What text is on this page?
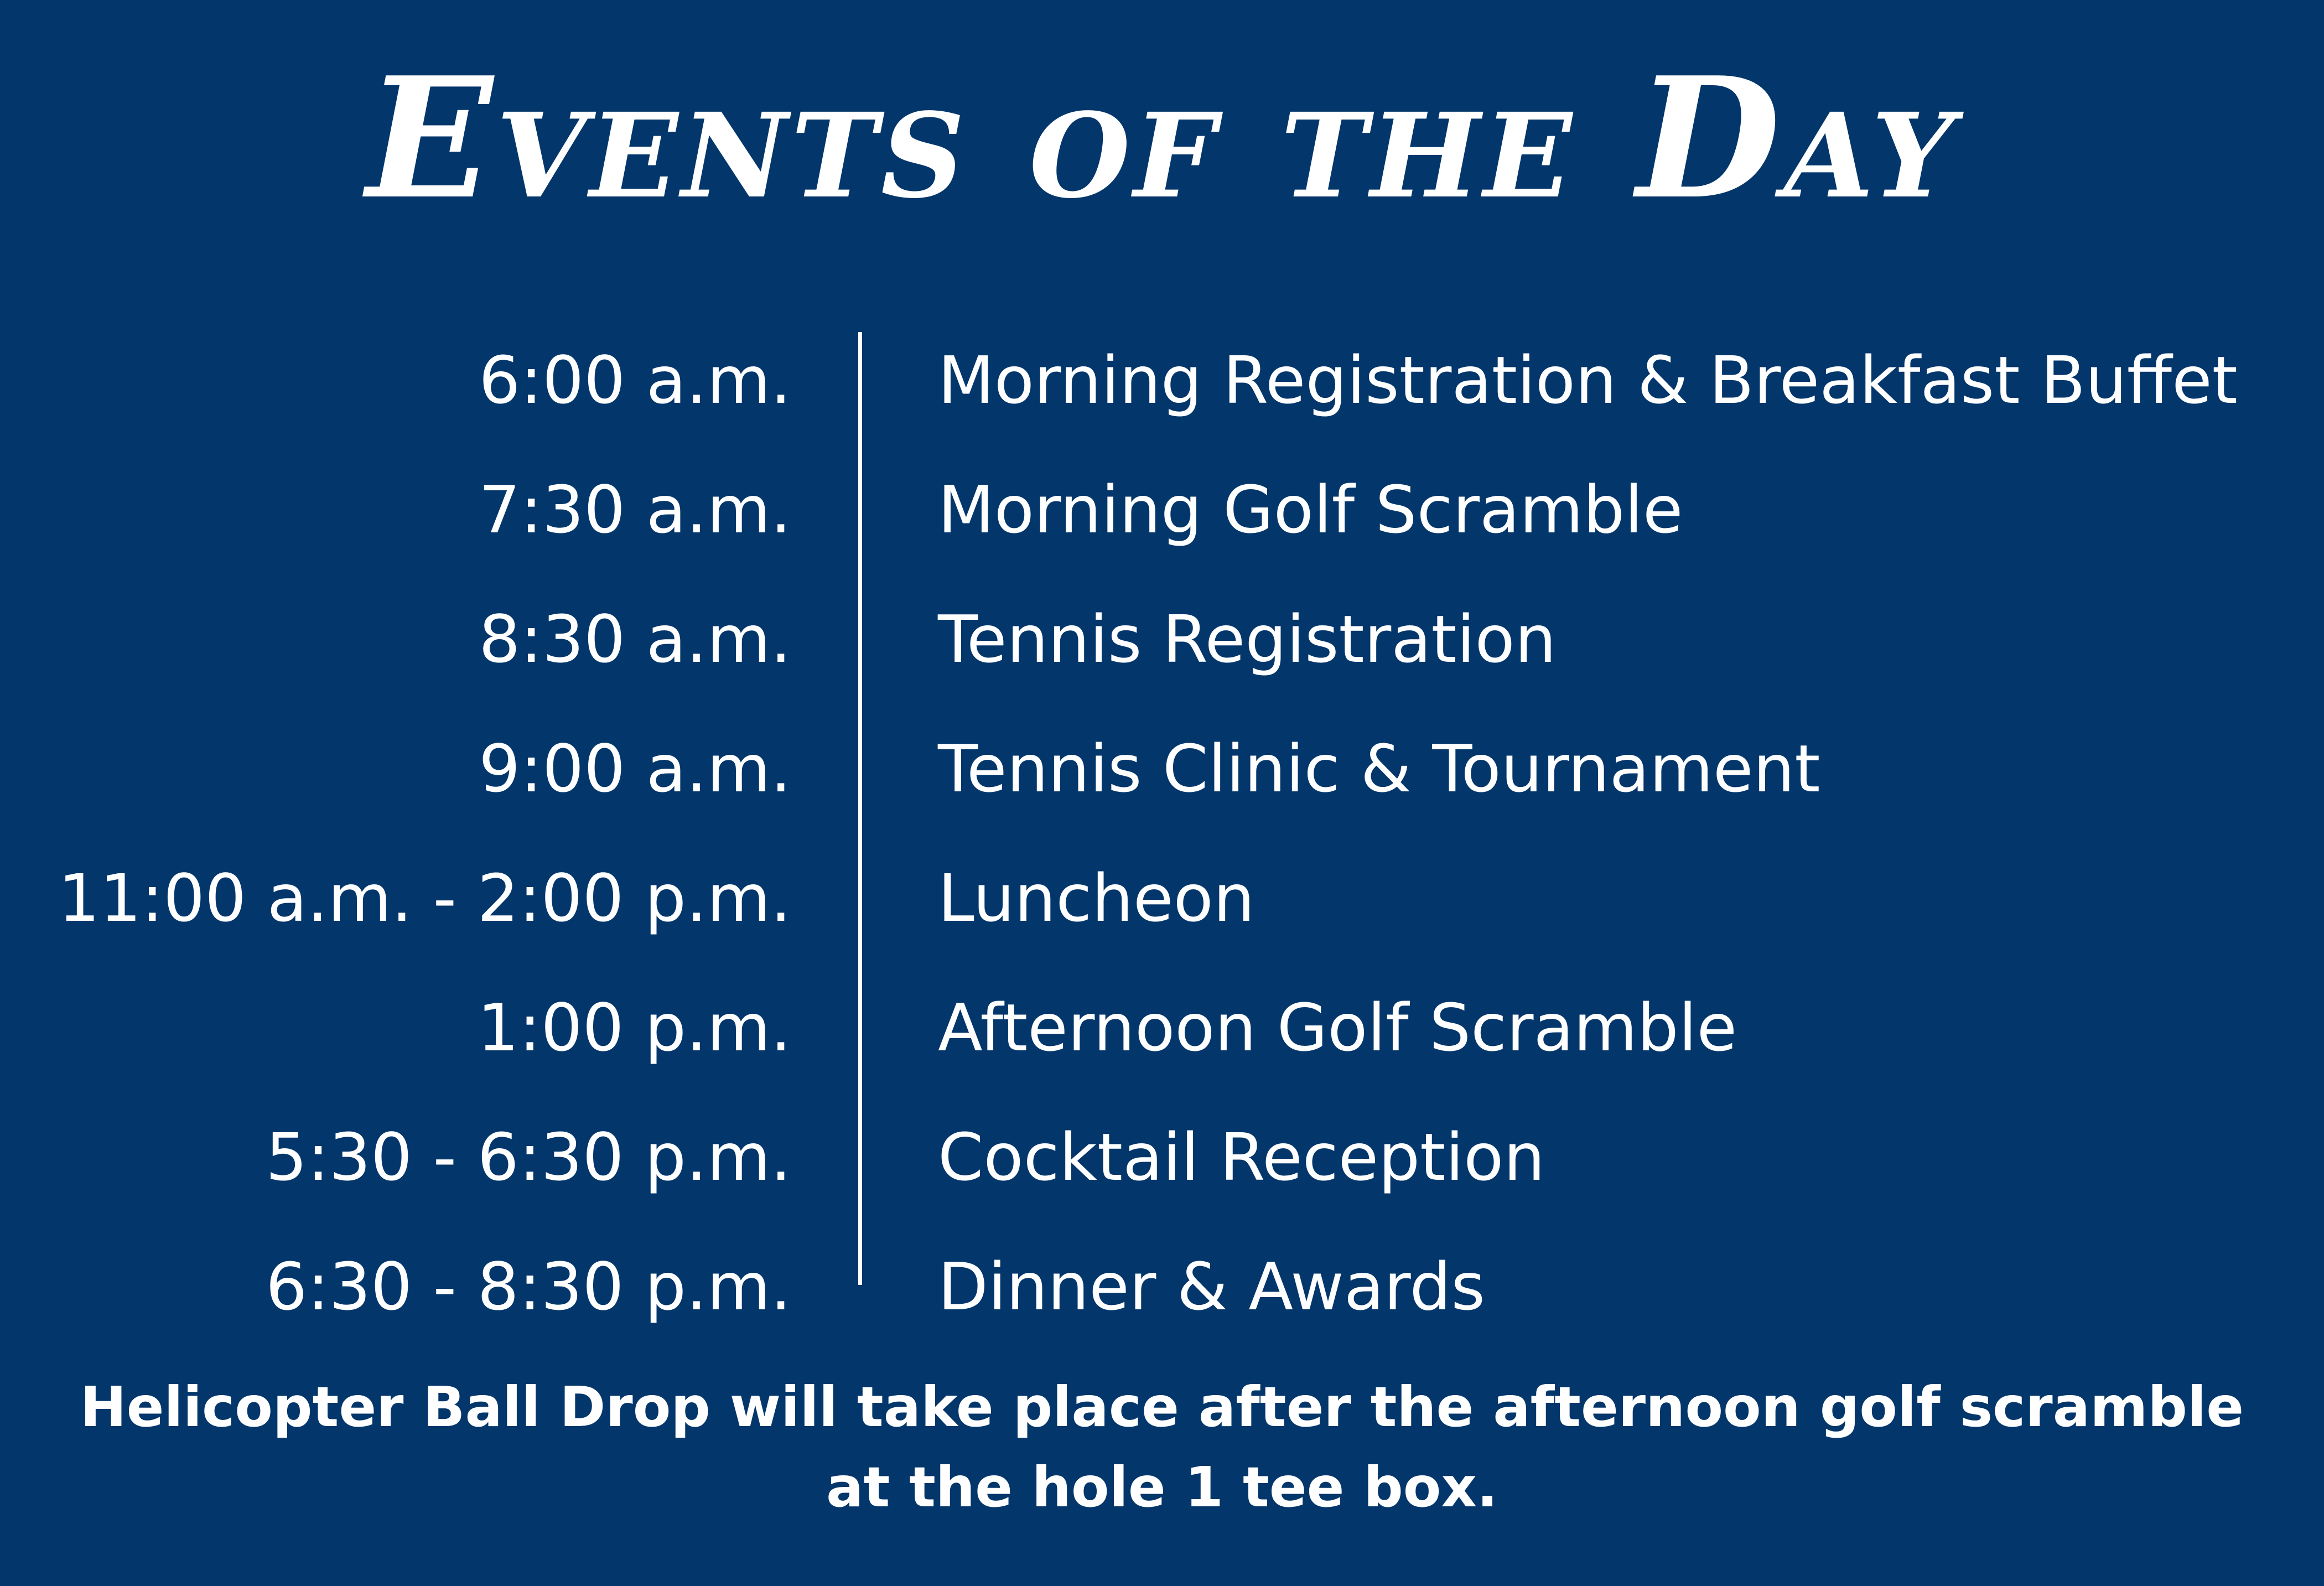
Events of the Day
6:00 a.m. Morning Registration & Breakfast Buffet
7:30 a.m. Morning Golf Scramble
8:30 a.m. Tennis Registration
9:00 a.m. Tennis Clinic & Tournament
11:00 a.m. - 2:00 p.m. Luncheon
1:00 p.m. Afternoon Golf Scramble
5:30 - 6:30 p.m. Cocktail Reception
6:30 - 8:30 p.m. Dinner & Awards
Helicopter Ball Drop will take place after the afternoon golf scramble
at the hole 1 tee box.
